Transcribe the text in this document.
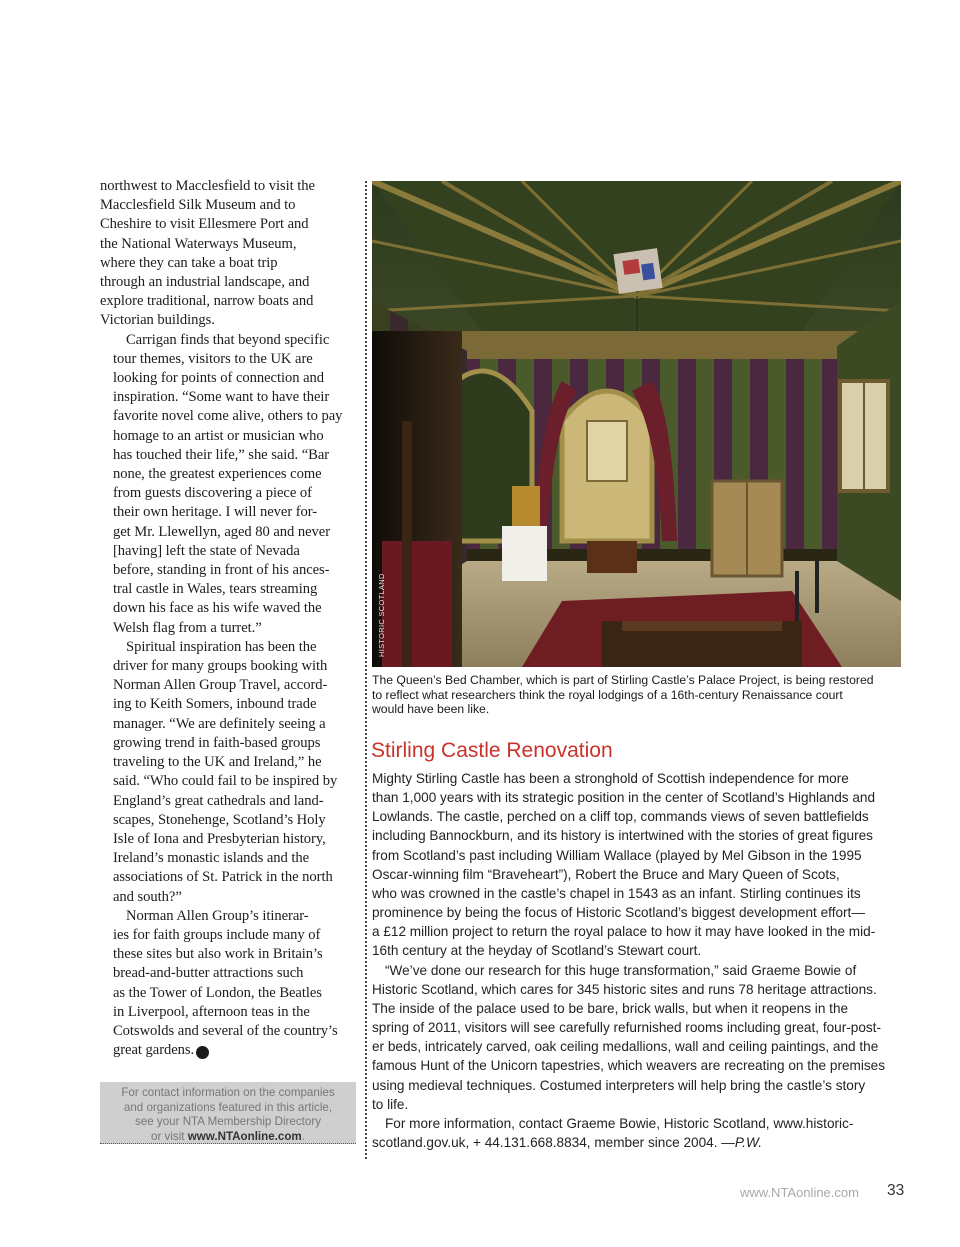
northwest to Macclesfield to visit the
Macclesfield Silk Museum and to
Cheshire to visit Ellesmere Port and
the National Waterways Museum,
where they can take a boat trip
through an industrial landscape, and
explore traditional, narrow boats and
Victorian buildings.

Carrigan finds that beyond specific
tour themes, visitors to the UK are
looking for points of connection and
inspiration. “Some want to have their
favorite novel come alive, others to pay
homage to an artist or musician who
has touched their life,” she said. “Bar
none, the greatest experiences come
from guests discovering a piece of
their own heritage. I will never for-
get Mr. Llewellyn, aged 80 and never
[having] left the state of Nevada
before, standing in front of his ances-
tral castle in Wales, tears streaming
down his face as his wife waved the
Welsh flag from a turret.”

Spiritual inspiration has been the
driver for many groups booking with
Norman Allen Group Travel, accord-
ing to Keith Somers, inbound trade
manager. “We are definitely seeing a
growing trend in faith-based groups
traveling to the UK and Ireland,” he
said. “Who could fail to be inspired by
England’s great cathedrals and land-
scapes, Stonehenge, Scotland’s Holy
Isle of Iona and Presbyterian history,
Ireland’s monastic islands and the
associations of St. Patrick in the north
and south?”

Norman Allen Group’s itinerar-
ies for faith groups include many of
these sites but also work in Britain’s
bread-and-butter attractions such
as the Tower of London, the Beatles
in Liverpool, afternoon teas in the
Cotswolds and several of the country’s
great gardens. C

For contact information on the companies
and organizations featured in this article,
see your NTA Membership Directory
or visit www.NTAonline.com.
HISTORIC SCOTLAND
The Queen’s Bed Chamber, which is part of Stirling Castle’s Palace Project, is being restored
to reflect what researchers think the royal lodgings of a 16th-century Renaissance court
would have been like.
Stirling Castle Renovation
Mighty Stirling Castle has been a stronghold of Scottish independence for more
than 1,000 years with its strategic position in the center of Scotland’s Highlands and
Lowlands. The castle, perched on a cliff top, commands views of seven battlefields
including Bannockburn, and its history is intertwined with the stories of great figures
from Scotland’s past including William Wallace (played by Mel Gibson in the 1995
Oscar-winning film “Braveheart”), Robert the Bruce and Mary Queen of Scots,
who was crowned in the castle’s chapel in 1543 as an infant. Stirling continues its
prominence by being the focus of Historic Scotland’s biggest development effort—
a £12 million project to return the royal palace to how it may have looked in the mid-
16th century at the heyday of Scotland’s Stewart court.
“We’ve done our research for this huge transformation,” said Graeme Bowie of
Historic Scotland, which cares for 345 historic sites and runs 78 heritage attractions.
The inside of the palace used to be bare, brick walls, but when it reopens in the
spring of 2011, visitors will see carefully refurnished rooms including great, four-post-
er beds, intricately carved, oak ceiling medallions, wall and ceiling paintings, and the
famous Hunt of the Unicorn tapestries, which weavers are recreating on the premises
using medieval techniques. Costumed interpreters will help bring the castle’s story
to life.
For more information, contact Graeme Bowie, Historic Scotland, www.historic-
scotland.gov.uk, + 44.131.668.8834, member since 2004. —P.W.
www.NTAonline.com 33
